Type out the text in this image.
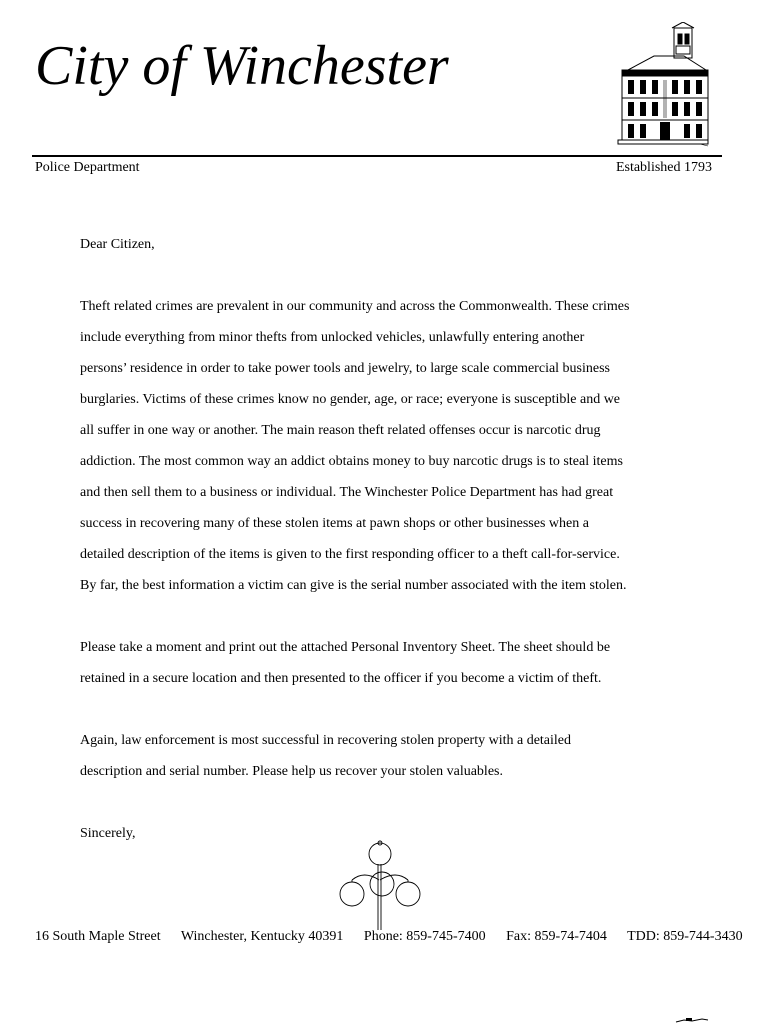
City of Winchester
Police Department	Established 1793

Dear Citizen,

Theft related crimes are prevalent in our community and across the Commonwealth. These crimes
include everything from minor thefts from unlocked vehicles, unlawfully entering another
persons’ residence in order to take power tools and jewelry, to large scale commercial business
burglaries. Victims of these crimes know no gender, age, or race; everyone is susceptible and we
all suffer in one way or another. The main reason theft related offenses occur is narcotic drug
addiction. The most common way an addict obtains money to buy narcotic drugs is to steal items
and then sell them to a business or individual. The Winchester Police Department has had great
success in recovering many of these stolen items at pawn shops or other businesses when a
detailed description of the items is given to the first responding officer to a theft call-for-service.
By far, the best information a victim can give is the serial number associated with the item stolen.

Please take a moment and print out the attached Personal Inventory Sheet. The sheet should be
retained in a secure location and then presented to the officer if you become a victim of theft.

Again, law enforcement is most successful in recovering stolen property with a detailed
description and serial number. Please help us recover your stolen valuables.

Sincerely,

16 South Maple Street Winchester, Kentucky 40391 Phone: 859-745-7400 Fax: 859-74-7404 TDD: 859-744-3430
